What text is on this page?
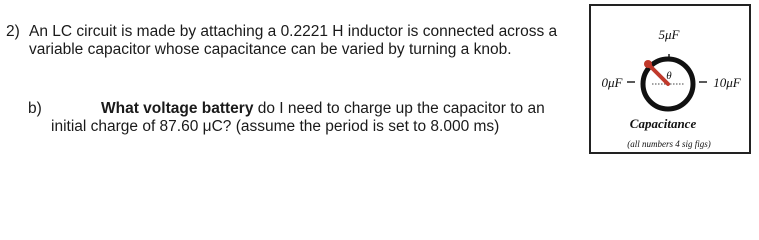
2) An LC circuit is made by attaching a 0.2221 H inductor is connected across a
variable capacitor whose capacitance can be varied by turning a knob.
b)	What voltage battery do I need to charge up the capacitor to an
initial charge of 87.60 μC? (assume the period is set to 8.000 ms)
5μF
0μF	10μF
θ
Capacitance
(all numbers 4 sig figs)
